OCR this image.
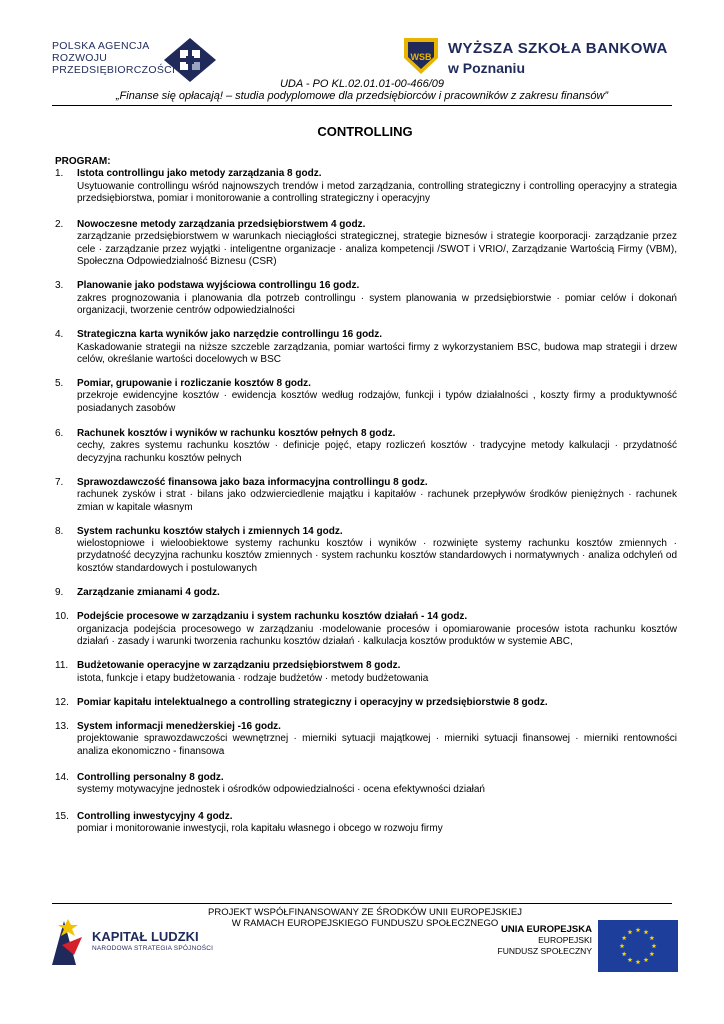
POLSKA AGENCJA
ROZWOJU
PRZEDSIĘBIORCZOŚCI
WSB WYŻSZA SZKOŁA BANKOWA
w Poznaniu
UDA - PO KL.02.01.01-00-466/09
„Finanse się opłacają! – studia podyplomowe dla przedsiębiorców i pracowników z zakresu finansów”
CONTROLLING
PROGRAM:
1.	Istota controllingu jako metody zarządzania 8 godz.
Usytuowanie controllingu wśród najnowszych trendów i metod zarządzania, controlling strategiczny i controlling operacyjny a strategia przedsiębiorstwa, pomiar i monitorowanie a controlling strategiczny i operacyjny
2.	Nowoczesne metody zarządzania przedsiębiorstwem 4 godz.
zarządzanie przedsiębiorstwem w warunkach nieciągłości strategicznej, strategie biznesów i strategie koorporacji· zarządzanie przez cele · zarządzanie przez wyjątki · inteligentne organizacje · analiza kompetencji /SWOT i VRIO/, Zarządzanie Wartością Firmy (VBM), Społeczna Odpowiedzialność Biznesu (CSR)
3.	Planowanie jako podstawa wyjściowa controllingu 16 godz.
zakres prognozowania i planowania dla potrzeb controllingu · system planowania w przedsiębiorstwie · pomiar celów i dokonań organizacji, tworzenie centrów odpowiedzialności
4.	Strategiczna karta wyników jako narzędzie controllingu 16 godz.
Kaskadowanie strategii na niższe szczeble zarządzania, pomiar wartości firmy z wykorzystaniem BSC, budowa map strategii i drzew celów, określanie wartości docelowych w BSC
5.	Pomiar, grupowanie i rozliczanie kosztów 8 godz.
przekroje ewidencyjne kosztów · ewidencja kosztów według rodzajów, funkcji i typów działalności , koszty firmy a produktywność posiadanych zasobów
6.	Rachunek kosztów i wyników w rachunku kosztów pełnych 8 godz.
cechy, zakres systemu rachunku kosztów · definicje pojęć, etapy rozliczeń kosztów · tradycyjne metody kalkulacji · przydatność decyzyjna rachunku kosztów pełnych
7.	Sprawozdawczość finansowa jako baza informacyjna controllingu 8 godz.
rachunek zysków i strat · bilans jako odzwierciedlenie majątku i kapitałów · rachunek przepływów środków pieniężnych · rachunek zmian w kapitale własnym
8.	System rachunku kosztów stałych i zmiennych 14 godz.
wielostopniowe i wieloobiektowe systemy rachunku kosztów i wyników · rozwinięte systemy rachunku kosztów zmiennych · przydatność decyzyjna rachunku kosztów zmiennych · system rachunku kosztów standardowych i normatywnych · analiza odchyleń od kosztów standardowych i postulowanych
9.	Zarządzanie zmianami 4 godz.
10. Podejście procesowe w zarządzaniu i system rachunku kosztów działań - 14 godz.
organizacja podejścia procesowego w zarządzaniu ·modelowanie procesów i opomiarowanie procesów istota rachunku kosztów działań · zasady i warunki tworzenia rachunku kosztów działań · kalkulacja kosztów produktów w systemie ABC,
11. Budżetowanie operacyjne w zarządzaniu przedsiębiorstwem 8 godz.
istota, funkcje i etapy budżetowania · rodzaje budżetów · metody budżetowania
12. Pomiar kapitału intelektualnego a controlling strategiczny i operacyjny w przedsiębiorstwie 8 godz.
13. System informacji menedżerskiej -16 godz.
projektowanie sprawozdawczości wewnętrznej · mierniki sytuacji majątkowej · mierniki sytuacji finansowej · mierniki rentowności analiza ekonomiczno - finansowa
14. Controlling personalny 8 godz.
systemy motywacyjne jednostek i ośrodków odpowiedzialności · ocena efektywności działań
15. Controlling inwestycyjny 4 godz.
pomiar i monitorowanie inwestycji, rola kapitału własnego i obcego w rozwoju firmy
KAPITAŁ LUDZKI
NARODOWA STRATEGIA SPÓJNOŚCI
PROJEKT WSPÓŁFINANSOWANY ZE ŚRODKÓW UNII EUROPEJSKIEJ
W RAMACH EUROPEJSKIEGO FUNDUSZU SPOŁECZNEGO
UNIA EUROPEJSKA
EUROPEJSKI
FUNDUSZ SPOŁECZNY
